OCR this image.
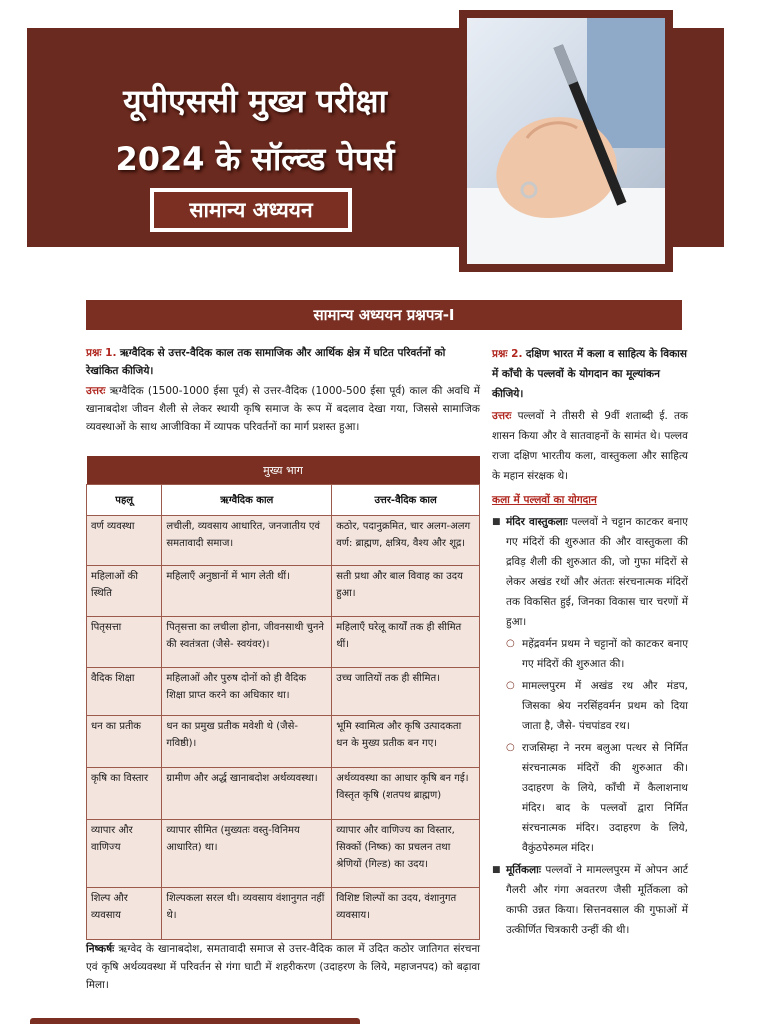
यूपीएससी मुख्य परीक्षा
2024 के सॉल्व्ड पेपर्स
सामान्य अध्ययन
सामान्य अध्ययन प्रश्नपत्र-I

प्रश्नः 1. ऋग्वैदिक से उत्तर-वैदिक काल तक सामाजिक और आर्थिक क्षेत्र में घटित परिवर्तनों को रेखांकित कीजिये।

उत्तरः ऋग्वैदिक (1500-1000 ईसा पूर्व) से उत्तर-वैदिक (1000-500 ईसा पूर्व) काल की अवधि में खानाबदोश जीवन शैली से लेकर स्थायी कृषि समाज के रूप में बदलाव देखा गया, जिससे सामाजिक व्यवस्थाओं के साथ आजीविका में व्यापक परिवर्तनों का मार्ग प्रशस्त हुआ।

मुख्य भाग		
पहलू	ऋग्वैदिक काल	उत्तर-वैदिक काल
वर्ण व्यवस्था	लचीली, व्यवसाय आधारित, जनजातीय एवं समतावादी समाज।	कठोर, पदानुक्रमित, चार अलग-अलग वर्ण: ब्राह्मण, क्षत्रिय, वैश्य और शूद्र।
महिलाओं की स्थिति	महिलाएँ अनुष्ठानों में भाग लेती थीं।	सती प्रथा और बाल विवाह का उदय हुआ।
पितृसत्ता	पितृसत्ता का लचीला होना, जीवनसाथी चुनने की स्वतंत्रता (जैसे- स्वयंवर)।	महिलाएँ घरेलू कार्यों तक ही सीमित थीं।
वैदिक शिक्षा	महिलाओं और पुरुष दोनों को ही वैदिक शिक्षा प्राप्त करने का अधिकार था।	उच्च जातियों तक ही सीमित।
धन का प्रतीक	धन का प्रमुख प्रतीक मवेशी थे (जैसे- गविष्ठी)।	भूमि स्वामित्व और कृषि उत्पादकता धन के मुख्य प्रतीक बन गए।
कृषि का विस्तार	ग्रामीण और अर्द्ध खानाबदोश अर्थव्यवस्था।	अर्थव्यवस्था का आधार कृषि बन गई। विस्तृत कृषि (शतपथ ब्राह्मण)
व्यापार और वाणिज्य	व्यापार सीमित (मुख्यतः वस्तु-विनिमय आधारित) था।	व्यापार और वाणिज्य का विस्तार, सिक्कों (निष्क) का प्रचलन तथा श्रेणियों (गिल्ड) का उदय।
शिल्प और व्यवसाय	शिल्पकला सरल थी। व्यवसाय वंशानुगत नहीं थे।	विशिष्ट शिल्पों का उदय, वंशानुगत व्यवसाय।
निष्कर्षः ऋग्वेद के खानाबदोश, समतावादी समाज से उत्तर-वैदिक काल में उदित कठोर जातिगत संरचना एवं कृषि अर्थव्यवस्था में परिवर्तन से गंगा घाटी में शहरीकरण (उदाहरण के लिये, महाजनपद) को बढ़ावा मिला।

प्रश्नः 2. दक्षिण भारत में कला व साहित्य के विकास में काँची के पल्लवों के योगदान का मूल्यांकन कीजिये।

उत्तरः पल्लवों ने तीसरी से 9वीं शताब्दी ई. तक शासन किया और वे सातवाहनों के सामंत थे। पल्लव राजा दक्षिण भारतीय कला, वास्तुकला और साहित्य के महान संरक्षक थे।

कला में पल्लवों का योगदान

■ मंदिर वास्तुकलाः पल्लवों ने चट्टान काटकर बनाए गए मंदिरों की शुरुआत की और वास्तुकला की द्रविड़ शैली की शुरुआत की, जो गुफा मंदिरों से लेकर अखंड रथों और अंततः संरचनात्मक मंदिरों तक विकसित हुई, जिनका विकास चार चरणों में हुआ।

○ महेंद्रवर्मन प्रथम ने चट्टानों को काटकर बनाए गए मंदिरों की शुरुआत की।

○ मामल्लपुरम में अखंड रथ और मंडप, जिसका श्रेय नरसिंहवर्मन प्रथम को दिया जाता है, जैसे- पंचपांडव रथ।

○ राजसिम्हा ने नरम बलुआ पत्थर से निर्मित संरचनात्मक मंदिरों की शुरुआत की। उदाहरण के लिये, काँची में कैलाशनाथ मंदिर। बाद के पल्लवों द्वारा निर्मित संरचनात्मक मंदिर। उदाहरण के लिये, वैकुंठपेरुमल मंदिर।

■ मूर्तिकलाः पल्लवों ने मामल्लपुरम में ओपन आर्ट गैलरी और गंगा अवतरण जैसी मूर्तिकला को काफी उन्नत किया। सित्तनवसाल की गुफाओं में उत्कीर्णित चित्रकारी उन्हीं की थी।
